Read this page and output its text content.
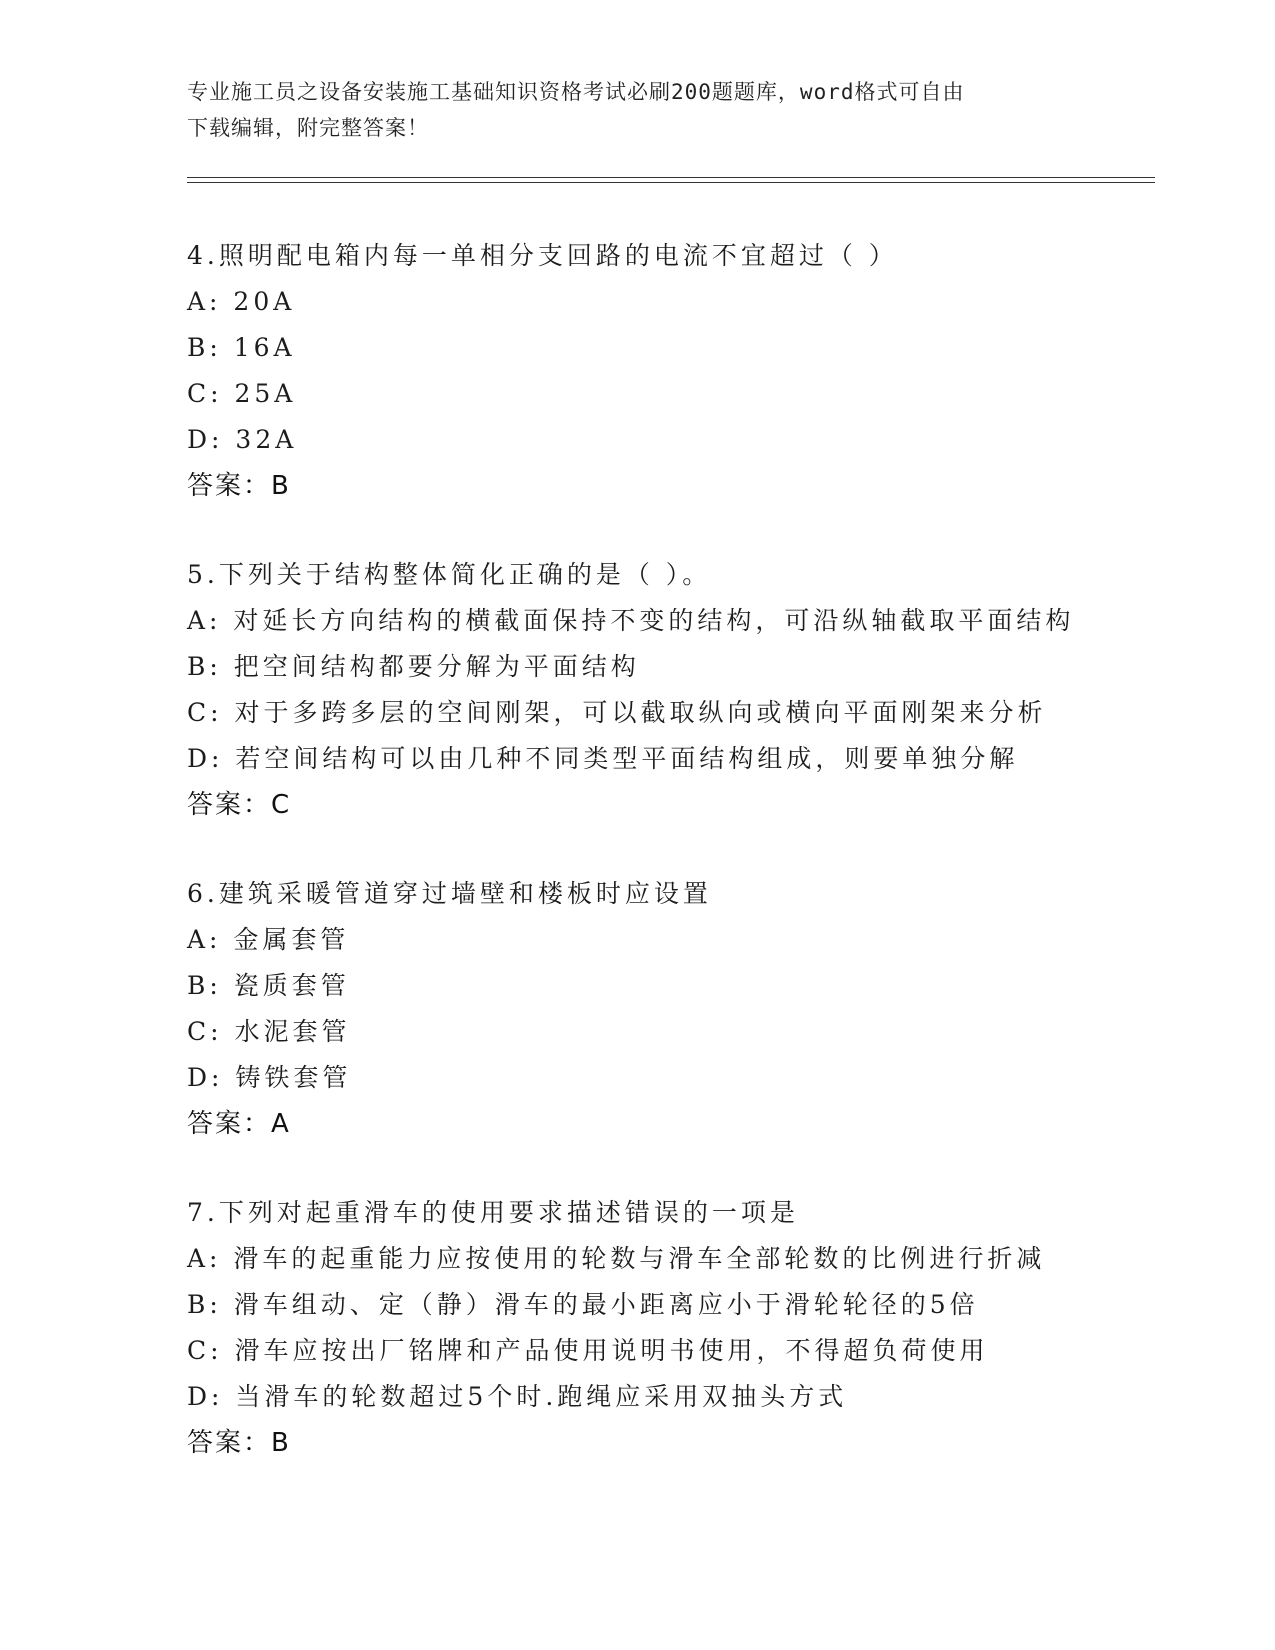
专业施工员之设备安装施工基础知识资格考试必刷200题题库，word格式可自由
下载编辑，附完整答案！
4.照明配电箱内每一单相分支回路的电流不宜超过（ ）
A: 20A
B: 16A
C: 25A
D: 32A
答案：B
5.下列关于结构整体简化正确的是（ ）。
A: 对延长方向结构的横截面保持不变的结构，可沿纵轴截取平面结构
B: 把空间结构都要分解为平面结构
C: 对于多跨多层的空间刚架，可以截取纵向或横向平面刚架来分析
D: 若空间结构可以由几种不同类型平面结构组成，则要单独分解
答案：C
6.建筑采暖管道穿过墙壁和楼板时应设置
A: 金属套管
B: 瓷质套管
C: 水泥套管
D: 铸铁套管
答案：A
7.下列对起重滑车的使用要求描述错误的一项是
A: 滑车的起重能力应按使用的轮数与滑车全部轮数的比例进行折减
B: 滑车组动、定（静）滑车的最小距离应小于滑轮轮径的5倍
C: 滑车应按出厂铭牌和产品使用说明书使用，不得超负荷使用
D: 当滑车的轮数超过5个时.跑绳应采用双抽头方式
答案：B
